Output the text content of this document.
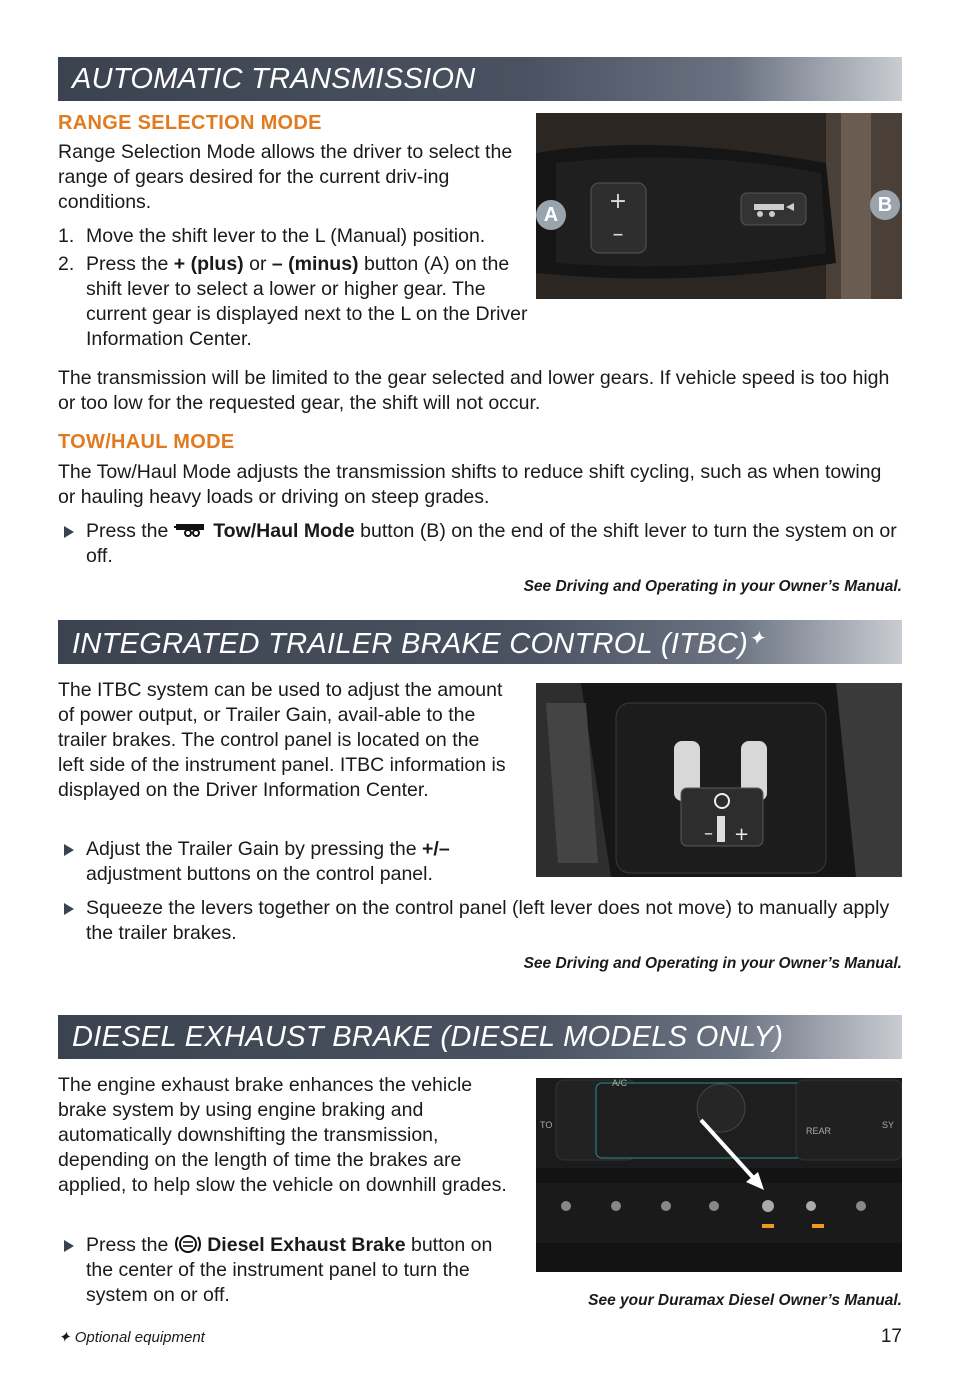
AUTOMATIC TRANSMISSION
RANGE SELECTION MODE

Range Selection Mode allows the driver to select the range of gears desired for the current driv-ing conditions.

1. Move the shift lever to the L (Manual) position.
2. Press the + (plus) or – (minus) button (A) on the shift lever to select a lower or higher gear. The current gear is displayed next to the L on the Driver Information Center.
+
–
A	B

The transmission will be limited to the gear selected and lower gears. If vehicle speed is too high or too low for the requested gear, the shift will not occur.

TOW/HAUL MODE

The Tow/Haul Mode adjusts the transmission shifts to reduce shift cycling, such as when towing or hauling heavy loads or driving on steep grades.

Press the  Tow/Haul Mode button (B) on the end of the shift lever to turn the system on or off.
See Driving and Operating in your Owner’s Manual.
INTEGRATED TRAILER BRAKE CONTROL (ITBC)✦

The ITBC system can be used to adjust the amount of power output, or Trailer Gain, avail-able to the trailer brakes. The control panel is located on the left side of the instrument panel. ITBC information is displayed on the Driver Information Center.

– +
Adjust the Trailer Gain by pressing the +/– adjustment buttons on the control panel.
Squeeze the levers together on the control panel (left lever does not move) to manually apply the trailer brakes.
See Driving and Operating in your Owner’s Manual.
DIESEL EXHAUST BRAKE (DIESEL MODELS ONLY)

The engine exhaust brake enhances the vehicle brake system by using engine braking and automatically downshifting the transmission, depending on the length of time the brakes are applied, to help slow the vehicle on downhill grades.

A/C
REAR
TO	SY
Press the  Diesel Exhaust Brake button on the center of the instrument panel to turn the system on or off.	See your Duramax Diesel Owner’s Manual.
✦ Optional equipment	17
